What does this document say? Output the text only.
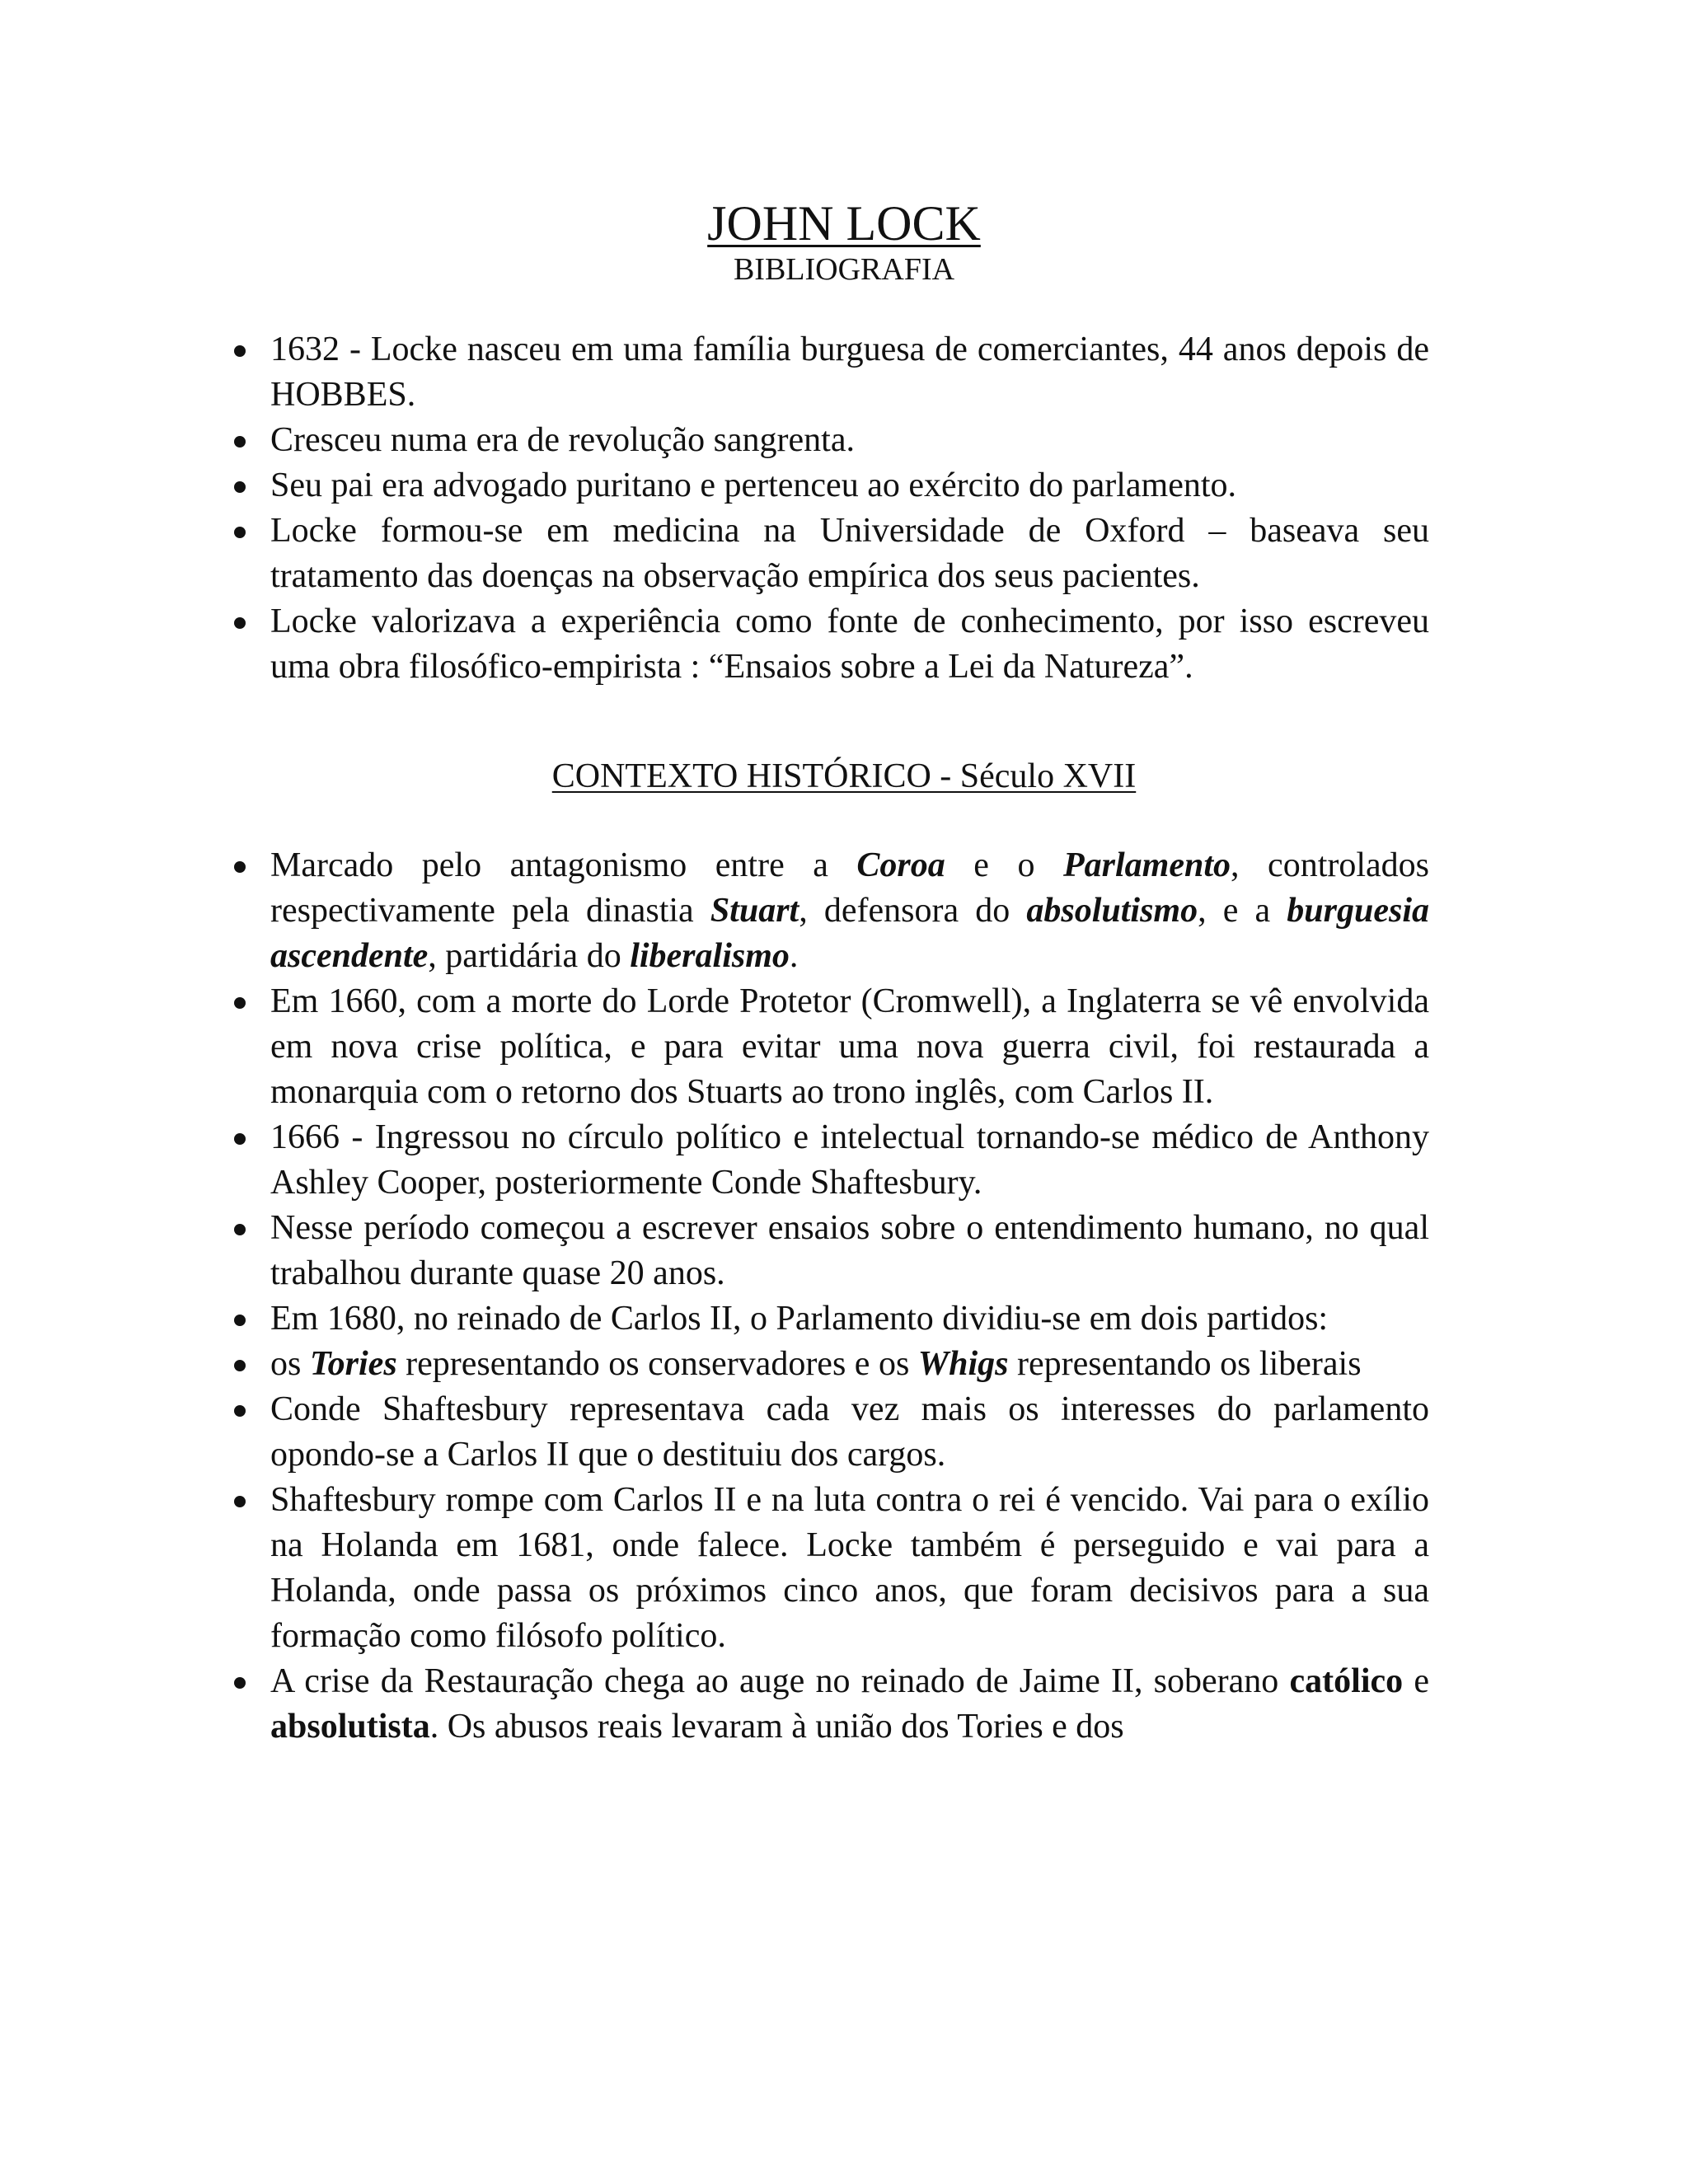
JOHN LOCK
BIBLIOGRAFIA
1632 - Locke nasceu em uma família burguesa de comerciantes, 44 anos depois de HOBBES.
Cresceu numa era de revolução sangrenta.
Seu pai era advogado puritano e pertenceu ao exército do parlamento.
Locke formou-se em medicina na Universidade de Oxford – baseava seu tratamento das doenças na observação empírica dos seus pacientes.
Locke valorizava a experiência como fonte de conhecimento, por isso escreveu uma obra filosófico-empirista : “Ensaios sobre a Lei da Natureza”.
CONTEXTO HISTÓRICO - Século XVII
Marcado pelo antagonismo entre a Coroa e o Parlamento, controlados respectivamente pela dinastia Stuart, defensora do absolutismo, e a burguesia ascendente, partidária do liberalismo.
Em 1660, com a morte do Lorde Protetor (Cromwell), a Inglaterra se vê envolvida em nova crise política, e para evitar uma nova guerra civil, foi restaurada a monarquia com o retorno dos Stuarts ao trono inglês, com Carlos II.
1666 - Ingressou no círculo político e intelectual tornando-se médico de Anthony Ashley Cooper, posteriormente Conde Shaftesbury.
Nesse período começou a escrever ensaios sobre o entendimento humano, no qual trabalhou durante quase 20 anos.
Em 1680, no reinado de Carlos II, o Parlamento dividiu-se em dois partidos:
os Tories representando os conservadores e os Whigs representando os liberais
Conde Shaftesbury representava cada vez mais os interesses do parlamento opondo-se a Carlos II que o destituiu dos cargos.
Shaftesbury rompe com Carlos II e na luta contra o rei é vencido. Vai para o exílio na Holanda em 1681, onde falece. Locke também é perseguido e vai para a Holanda, onde passa os próximos cinco anos, que foram decisivos para a sua formação como filósofo político.
A crise da Restauração chega ao auge no reinado de Jaime II, soberano católico e absolutista. Os abusos reais levaram à união dos Tories e dos
